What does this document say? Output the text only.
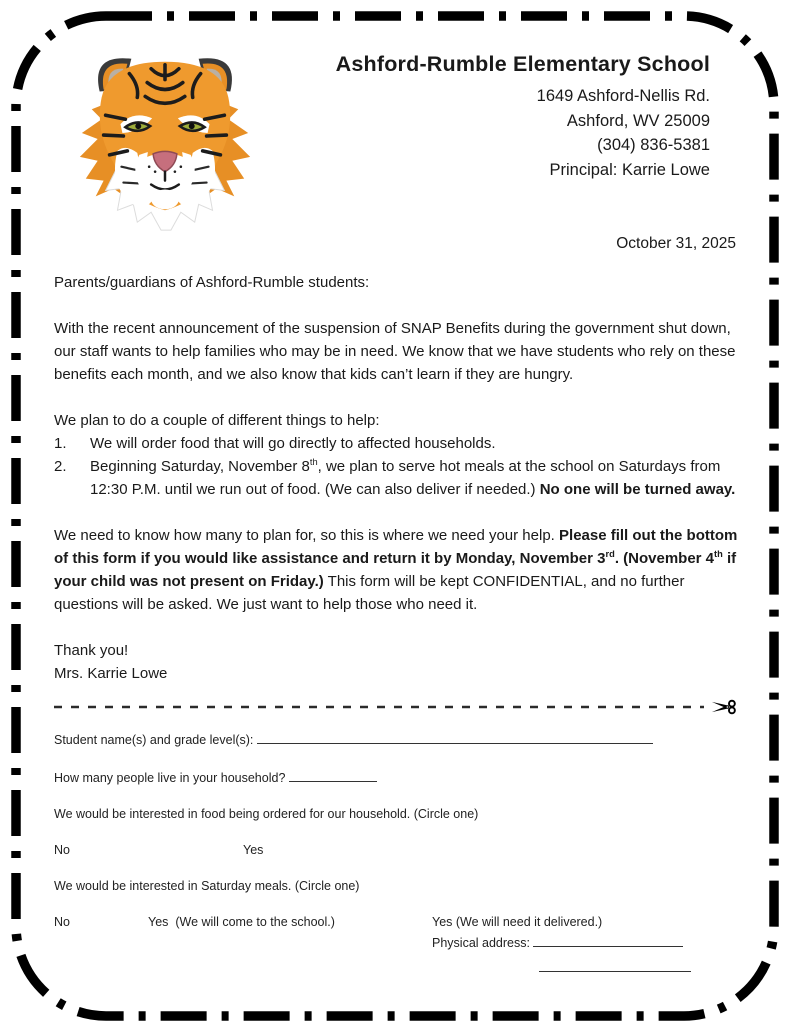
Ashford-Rumble Elementary School
1649 Ashford-Nellis Rd.
Ashford, WV 25009
(304) 836-5381
Principal: Karrie Lowe
October 31, 2025

Parents/guardians of Ashford-Rumble students:

With the recent announcement of the suspension of SNAP Benefits during the government shut down, our staff wants to help families who may be in need. We know that we have students who rely on these benefits each month, and we also know that kids can’t learn if they are hungry.

We plan to do a couple of different things to help:

1.	We will order food that will go directly to affected households.
2.	Beginning Saturday, November 8th, we plan to serve hot meals at the school on Saturdays from 12:30 P.M. until we run out of food. (We can also deliver if needed.) No one will be turned away.

We need to know how many to plan for, so this is where we need your help. Please fill out the bottom of this form if you would like assistance and return it by Monday, November 3rd. (November 4th if your child was not present on Friday.) This form will be kept CONFIDENTIAL, and no further questions will be asked. We just want to help those who need it.

Thank you!

Mrs. Karrie Lowe

Student name(s) and grade level(s):
How many people live in your household?
We would be interested in food being ordered for our household. (Circle one)
No	Yes
We would be interested in Saturday meals. (Circle one)
No	Yes  (We will come to the school.)	Yes (We will need it delivered.)
Physical address:
